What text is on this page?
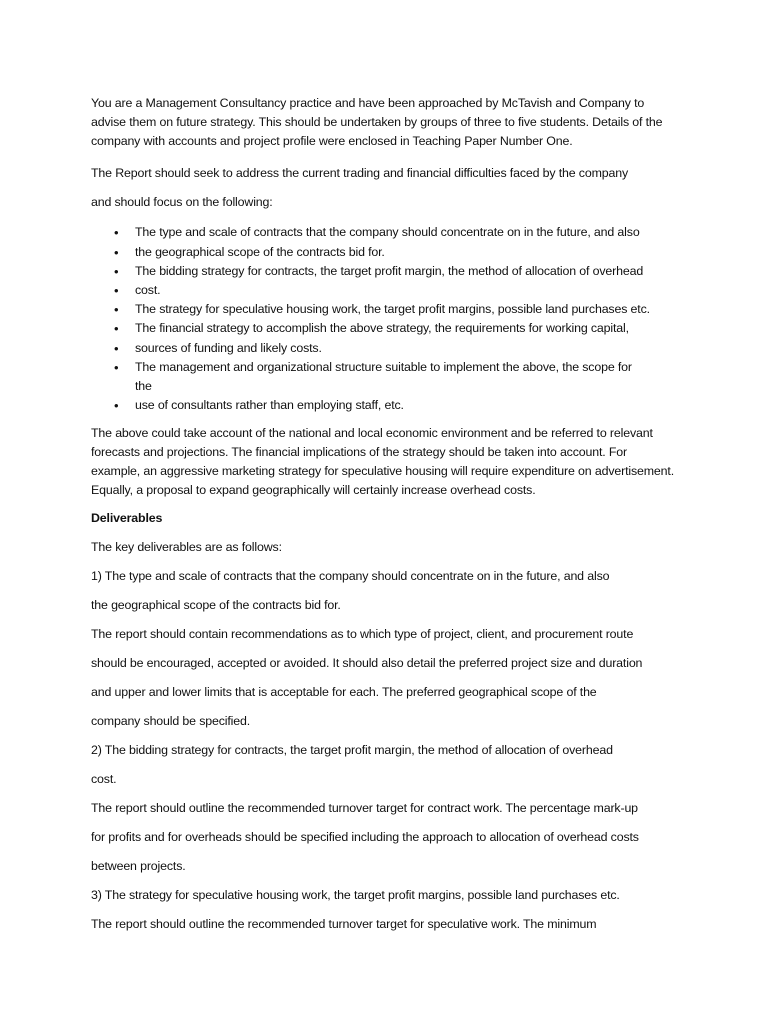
You are a Management Consultancy practice and have been approached by McTavish and Company to advise them on future strategy. This should be undertaken by groups of three to five students. Details of the company with accounts and project profile were enclosed in Teaching Paper Number One.

The Report should seek to address the current trading and financial difficulties faced by the company

and should focus on the following:

• The type and scale of contracts that the company should concentrate on in the future, and also
• the geographical scope of the contracts bid for.
• The bidding strategy for contracts, the target profit margin, the method of allocation of overhead
• cost.
• The strategy for speculative housing work, the target profit margins, possible land purchases etc.
• The financial strategy to accomplish the above strategy, the requirements for working capital,
• sources of funding and likely costs.
• The management and organizational structure suitable to implement the above, the scope for
the
• use of consultants rather than employing staff, etc.

The above could take account of the national and local economic environment and be referred to relevant forecasts and projections. The financial implications of the strategy should be taken into account. For example, an aggressive marketing strategy for speculative housing will require expenditure on advertisement. Equally, a proposal to expand geographically will certainly increase overhead costs.

Deliverables

The key deliverables are as follows:

1) The type and scale of contracts that the company should concentrate on in the future, and also

the geographical scope of the contracts bid for.

The report should contain recommendations as to which type of project, client, and procurement route

should be encouraged, accepted or avoided. It should also detail the preferred project size and duration

and upper and lower limits that is acceptable for each. The preferred geographical scope of the

company should be specified.

2) The bidding strategy for contracts, the target profit margin, the method of allocation of overhead

cost.

The report should outline the recommended turnover target for contract work. The percentage mark-up

for profits and for overheads should be specified including the approach to allocation of overhead costs

between projects.

3) The strategy for speculative housing work, the target profit margins, possible land purchases etc.

The report should outline the recommended turnover target for speculative work. The minimum
